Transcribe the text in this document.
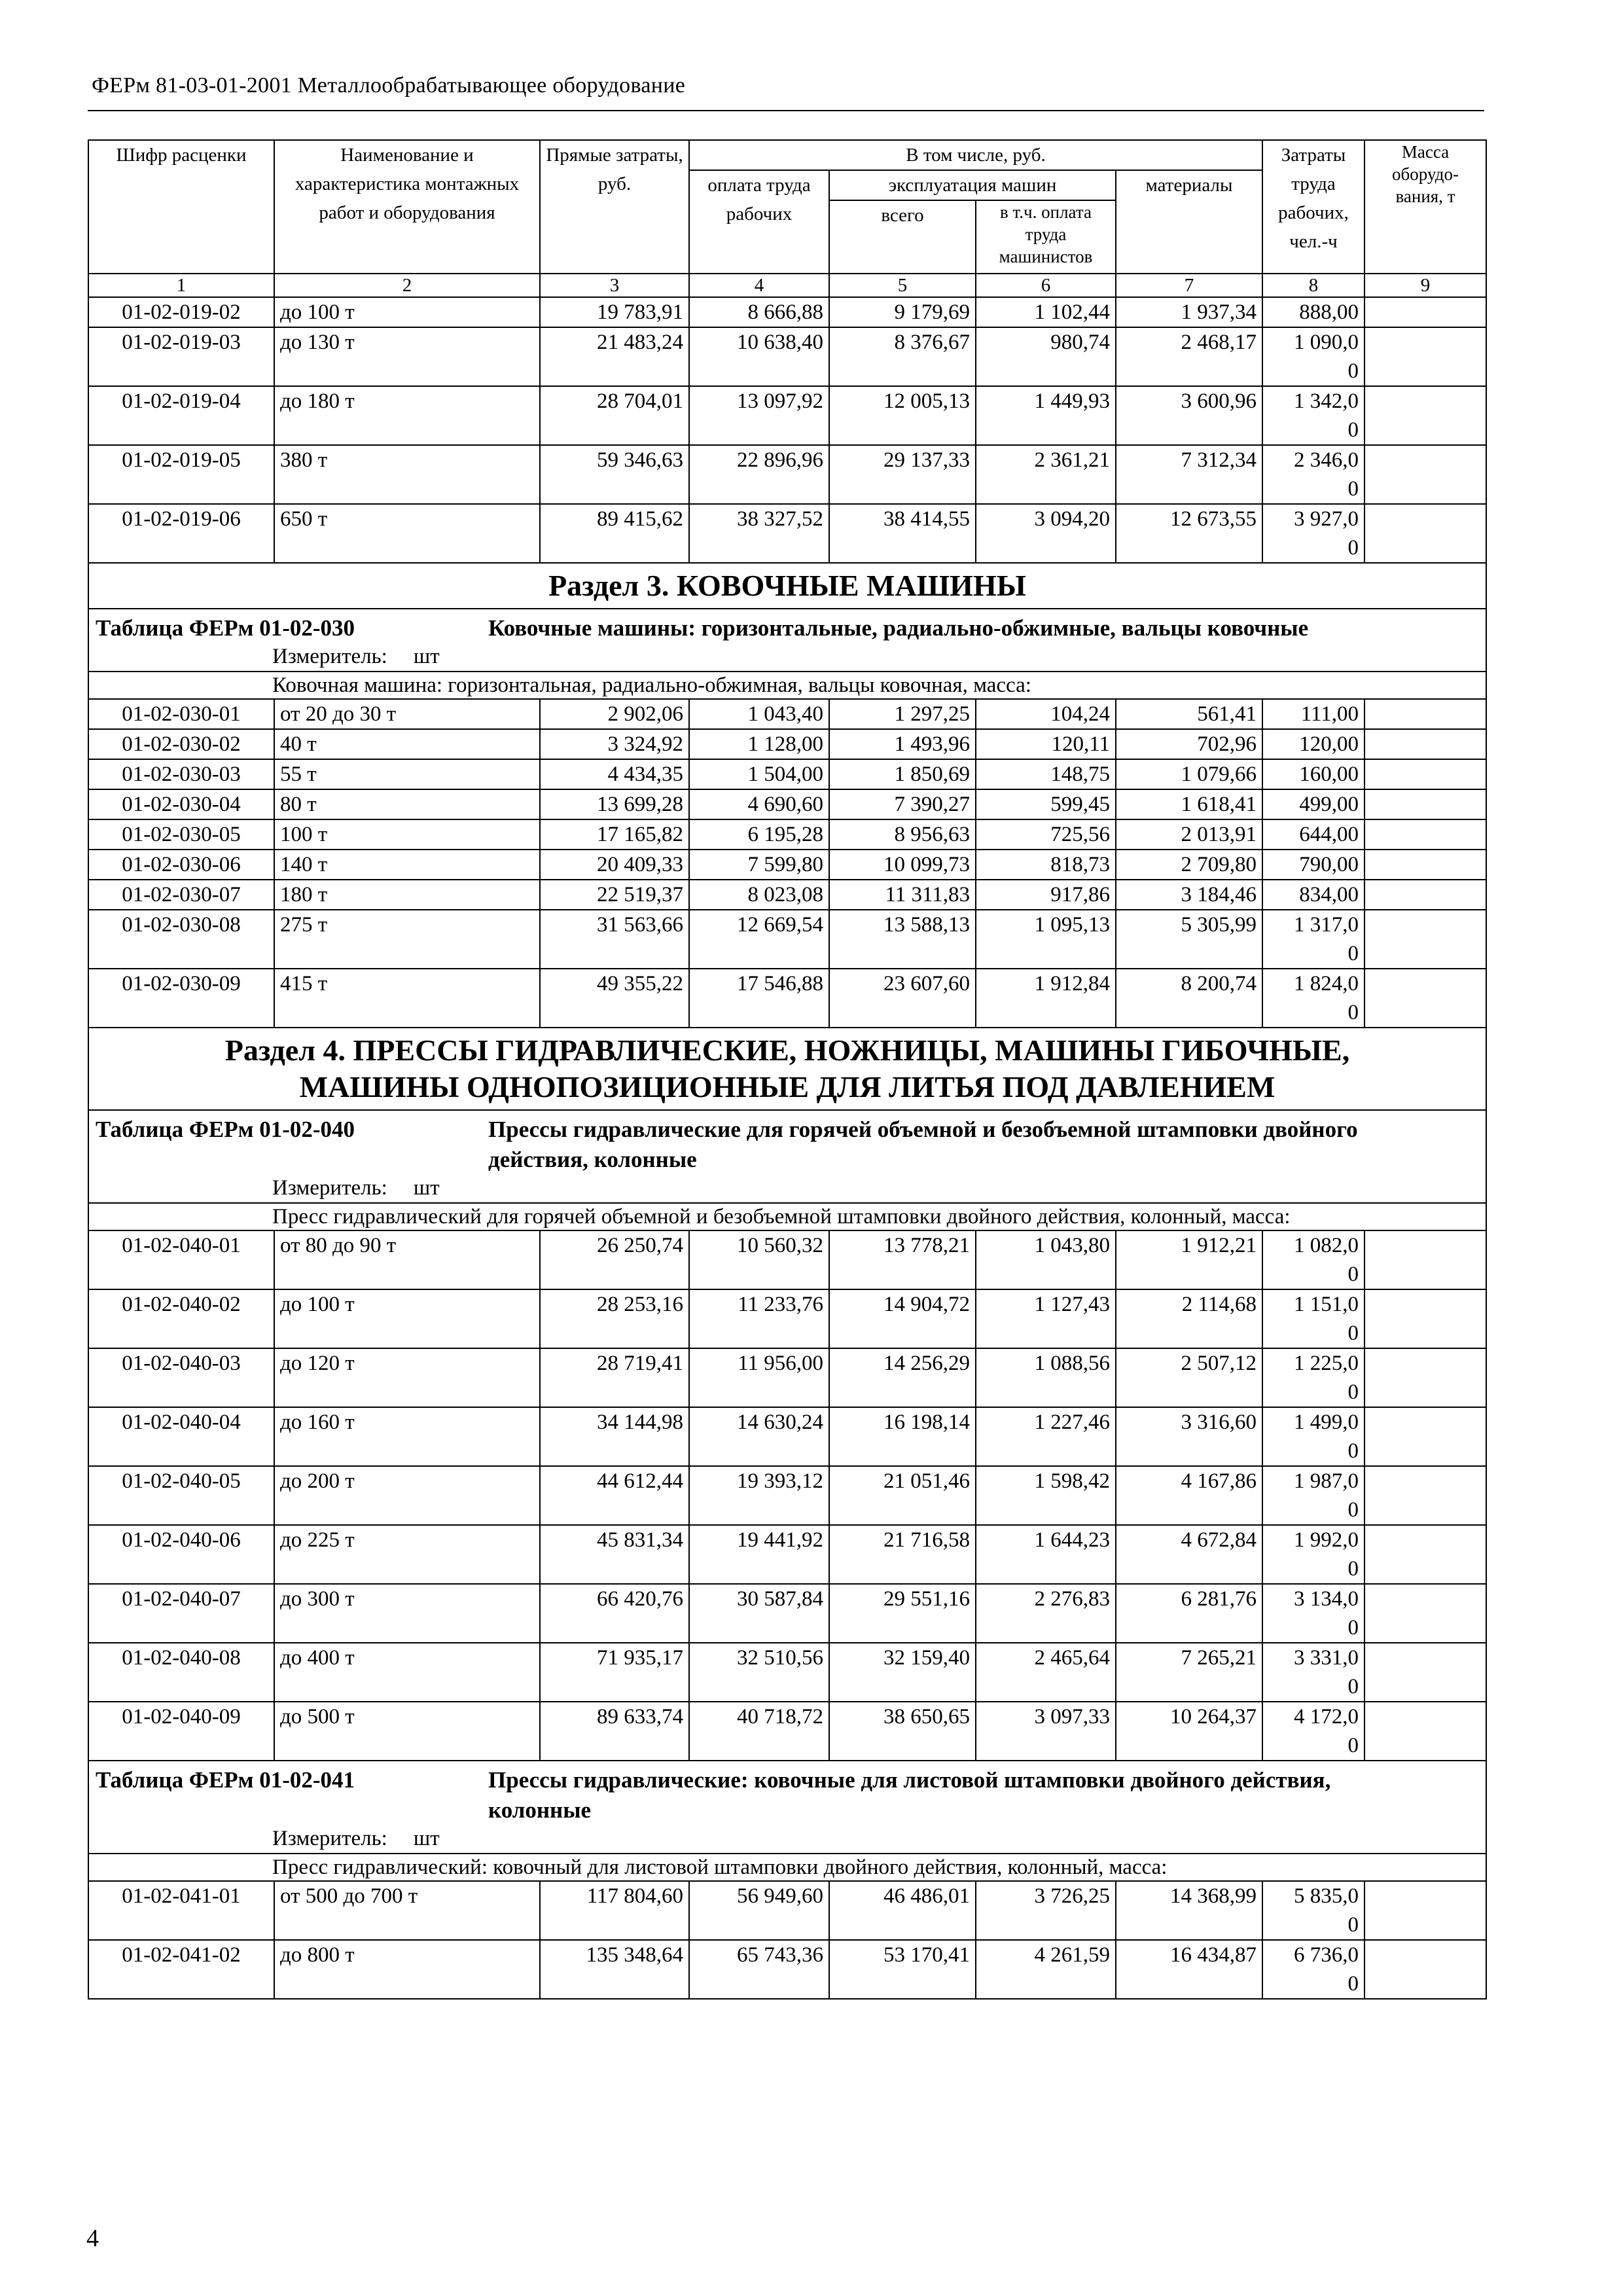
ФЕРм 81-03-01-2001 Металлообрабатывающее оборудование
Шифр расценки	Наименование и характеристика монтажных работ и оборудования	Прямые затраты, руб.	В том числе, руб.				Затраты труда рабочих, чел.-ч	Масса оборудо-вания, т
			оплата труда рабочих	эксплуатация машин		материалы		
				всего	в т.ч. оплата труда машинистов			
1	2	3	4	5	6	7	8	9
01-02-019-02	до 100 т	19 783,91	8 666,88	9 179,69	1 102,44	1 937,34	888,00	
01-02-019-03	до 130 т	21 483,24	10 638,40	8 376,67	980,74	2 468,17	1 090,0
0	

01-02-019-04	до 180 т	28 704,01	13 097,92	12 005,13	1 449,93	3 600,96	1 342,0
0	

01-02-019-05	380 т	59 346,63	22 896,96	29 137,33	2 361,21	7 312,34	2 346,0
0	

01-02-019-06	650 т	89 415,62	38 327,52	38 414,55	3 094,20	12 673,55	3 927,0
0	

Раздел 3. КОВОЧНЫЕ МАШИНЫ								
Таблица ФЕРм 01-02-030 Ковочные машины: горизонтальные, радиально-обжимные, вальцы ковочные								
Измеритель: шт								
Ковочная машина: горизонтальная, радиально-обжимная, вальцы ковочная, масса:								
01-02-030-01	от 20 до 30 т	2 902,06	1 043,40	1 297,25	104,24	561,41	111,00	
01-02-030-02	40 т	3 324,92	1 128,00	1 493,96	120,11	702,96	120,00	
01-02-030-03	55 т	4 434,35	1 504,00	1 850,69	148,75	1 079,66	160,00	
01-02-030-04	80 т	13 699,28	4 690,60	7 390,27	599,45	1 618,41	499,00	
01-02-030-05	100 т	17 165,82	6 195,28	8 956,63	725,56	2 013,91	644,00	
01-02-030-06	140 т	20 409,33	7 599,80	10 099,73	818,73	2 709,80	790,00	
01-02-030-07	180 т	22 519,37	8 023,08	11 311,83	917,86	3 184,46	834,00	
01-02-030-08	275 т	31 563,66	12 669,54	13 588,13	1 095,13	5 305,99	1 317,0
0	

01-02-030-09	415 т	49 355,22	17 546,88	23 607,60	1 912,84	8 200,74	1 824,0
0	

Раздел 4. ПРЕССЫ ГИДРАВЛИЧЕСКИЕ, НОЖНИЦЫ, МАШИНЫ ГИБОЧНЫЕ,
МАШИНЫ ОДНОПОЗИЦИОННЫЕ ДЛЯ ЛИТЬЯ ПОД ДАВЛЕНИЕМ								

Таблица ФЕРм 01-02-040 Прессы гидравлические для горячей объемной и безобъемной штамповки двойного действия, колонные								
Измеритель: шт								
Пресс гидравлический для горячей объемной и безобъемной штамповки двойного действия, колонный, масса:								
01-02-040-01	от 80 до 90 т	26 250,74	10 560,32	13 778,21	1 043,80	1 912,21	1 082,0
0	

01-02-040-02	до 100 т	28 253,16	11 233,76	14 904,72	1 127,43	2 114,68	1 151,0
0	

01-02-040-03	до 120 т	28 719,41	11 956,00	14 256,29	1 088,56	2 507,12	1 225,0
0	

01-02-040-04	до 160 т	34 144,98	14 630,24	16 198,14	1 227,46	3 316,60	1 499,0
0	

01-02-040-05	до 200 т	44 612,44	19 393,12	21 051,46	1 598,42	4 167,86	1 987,0
0	

01-02-040-06	до 225 т	45 831,34	19 441,92	21 716,58	1 644,23	4 672,84	1 992,0
0	

01-02-040-07	до 300 т	66 420,76	30 587,84	29 551,16	2 276,83	6 281,76	3 134,0
0	

01-02-040-08	до 400 т	71 935,17	32 510,56	32 159,40	2 465,64	7 265,21	3 331,0
0	

01-02-040-09	до 500 т	89 633,74	40 718,72	38 650,65	3 097,33	10 264,37	4 172,0
0	

Таблица ФЕРм 01-02-041 Прессы гидравлические: ковочные для листовой штамповки двойного действия, колонные								
Измеритель: шт								
Пресс гидравлический: ковочный для листовой штамповки двойного действия, колонный, масса:								
01-02-041-01	от 500 до 700 т	117 804,60	56 949,60	46 486,01	3 726,25	14 368,99	5 835,0
0	

01-02-041-02	до 800 т	135 348,64	65 743,36	53 170,41	4 261,59	16 434,87	6 736,0
0	

4
